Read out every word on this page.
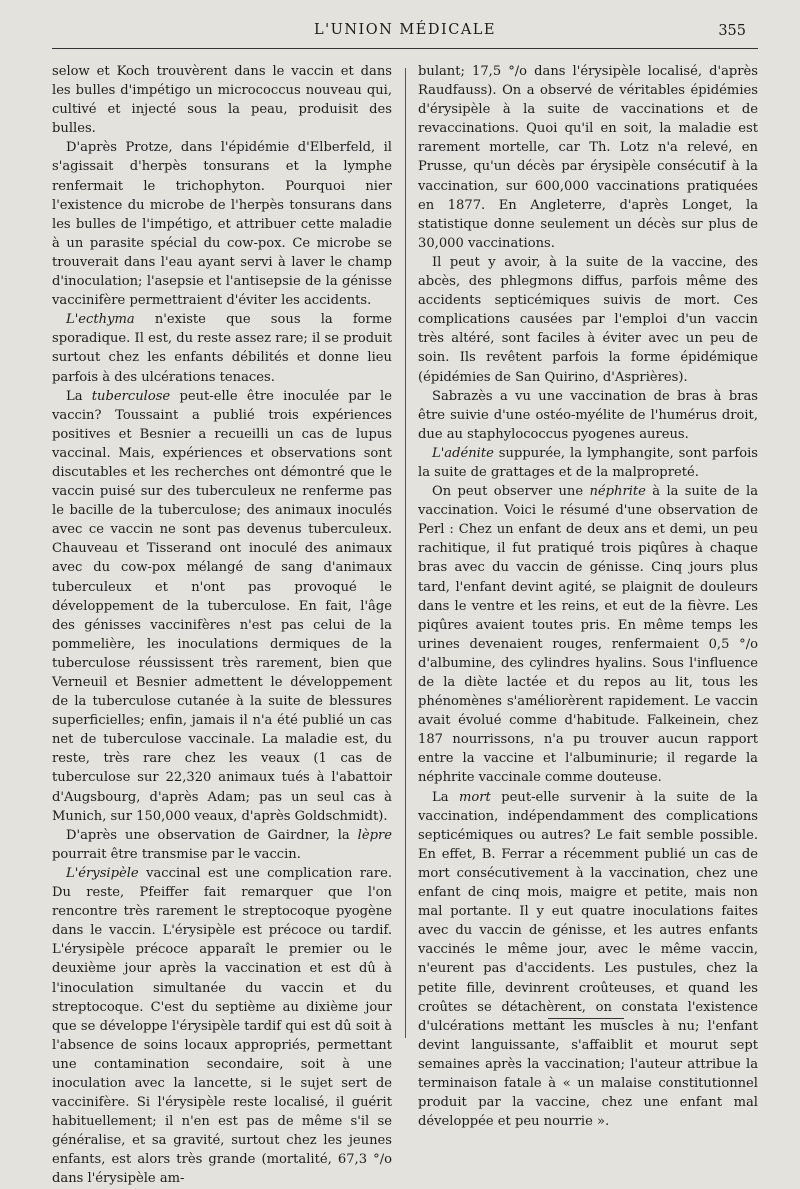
L'UNION MÉDICALE	355

selow et Koch trouvèrent dans le vaccin et dans les bulles d'impétigo un micrococcus nouveau qui, cultivé et injecté sous la peau, produisit des bulles.

D'après Protze, dans l'épidémie d'Elberfeld, il s'agissait d'herpès tonsurans et la lymphe renfermait le trichophyton. Pourquoi nier l'existence du microbe de l'herpès tonsurans dans les bulles de l'impétigo, et attribuer cette maladie à un parasite spécial du cow-pox. Ce microbe se trouverait dans l'eau ayant servi à laver le champ d'inoculation; l'asepsie et l'antisepsie de la génisse vaccinifère permettraient d'éviter les accidents.

L'ecthyma n'existe que sous la forme sporadique. Il est, du reste assez rare; il se produit surtout chez les enfants débilités et donne lieu parfois à des ulcérations tenaces.

La tuberculose peut-elle être inoculée par le vaccin? Toussaint a publié trois expériences positives et Besnier a recueilli un cas de lupus vaccinal. Mais, expériences et observations sont discutables et les recherches ont démontré que le vaccin puisé sur des tuberculeux ne renferme pas le bacille de la tuberculose; des animaux inoculés avec ce vaccin ne sont pas devenus tuberculeux. Chauveau et Tisserand ont inoculé des animaux avec du cow-pox mélangé de sang d'animaux tuberculeux et n'ont pas provoqué le développement de la tuberculose. En fait, l'âge des génisses vaccinifères n'est pas celui de la pommelière, les inoculations dermiques de la tuberculose réussissent très rarement, bien que Verneuil et Besnier admettent le développement de la tuberculose cutanée à la suite de blessures superficielles; enfin, jamais il n'a été publié un cas net de tuberculose vaccinale. La maladie est, du reste, très rare chez les veaux (1 cas de tuberculose sur 22,320 animaux tués à l'abattoir d'Augsbourg, d'après Adam; pas un seul cas à Munich, sur 150,000 veaux, d'après Goldschmidt).

D'après une observation de Gairdner, la lèpre pourrait être transmise par le vaccin.

L'érysipèle vaccinal est une complication rare. Du reste, Pfeiffer fait remarquer que l'on rencontre très rarement le streptocoque pyogène dans le vaccin. L'érysipèle est précoce ou tardif. L'érysipèle précoce apparaît le premier ou le deuxième jour après la vaccination et est dû à l'inoculation simultanée du vaccin et du streptocoque. C'est du septième au dixième jour que se développe l'érysipèle tardif qui est dû soit à l'absence de soins locaux appropriés, permettant une contamination secondaire, soit à une inoculation avec la lancette, si le sujet sert de vaccinifère. Si l'érysipèle reste localisé, il guérit habituellement; il n'en est pas de même s'il se généralise, et sa gravité, surtout chez les jeunes enfants, est alors très grande (mortalité, 67,3 °/o dans l'érysipèle am-

bulant; 17,5 °/o dans l'érysipèle localisé, d'après Raudfauss). On a observé de véritables épidémies d'érysipèle à la suite de vaccinations et de revaccinations. Quoi qu'il en soit, la maladie est rarement mortelle, car Th. Lotz n'a relevé, en Prusse, qu'un décès par érysipèle consécutif à la vaccination, sur 600,000 vaccinations pratiquées en 1877. En Angleterre, d'après Longet, la statistique donne seulement un décès sur plus de 30,000 vaccinations.

Il peut y avoir, à la suite de la vaccine, des abcès, des phlegmons diffus, parfois même des accidents septicémiques suivis de mort. Ces complications causées par l'emploi d'un vaccin très altéré, sont faciles à éviter avec un peu de soin. Ils revêtent parfois la forme épidémique (épidémies de San Quirino, d'Asprières).

Sabrazès a vu une vaccination de bras à bras être suivie d'une ostéo-myélite de l'humérus droit, due au staphylococcus pyogenes aureus.

L'adénite suppurée, la lymphangite, sont parfois la suite de grattages et de la malpropreté.

On peut observer une néphrite à la suite de la vaccination. Voici le résumé d'une observation de Perl : Chez un enfant de deux ans et demi, un peu rachitique, il fut pratiqué trois piqûres à chaque bras avec du vaccin de génisse. Cinq jours plus tard, l'enfant devint agité, se plaignit de douleurs dans le ventre et les reins, et eut de la fièvre. Les piqûres avaient toutes pris. En même temps les urines devenaient rouges, renfermaient 0,5 °/o d'albumine, des cylindres hyalins. Sous l'influence de la diète lactée et du repos au lit, tous les phénomènes s'améliorèrent rapidement. Le vaccin avait évolué comme d'habitude. Falkeinein, chez 187 nourrissons, n'a pu trouver aucun rapport entre la vaccine et l'albuminurie; il regarde la néphrite vaccinale comme douteuse.

La mort peut-elle survenir à la suite de la vaccination, indépendamment des complications septicémiques ou autres? Le fait semble possible. En effet, B. Ferrar a récemment publié un cas de mort consécutivement à la vaccination, chez une enfant de cinq mois, maigre et petite, mais non mal portante. Il y eut quatre inoculations faites avec du vaccin de génisse, et les autres enfants vaccinés le même jour, avec le même vaccin, n'eurent pas d'accidents. Les pustules, chez la petite fille, devinrent croûteuses, et quand les croûtes se détachèrent, on constata l'existence d'ulcérations mettant les muscles à nu; l'enfant devint languissante, s'affaiblit et mourut sept semaines après la vaccination; l'auteur attribue la terminaison fatale à « un malaise constitutionnel produit par la vaccine, chez une enfant mal développée et peu nourrie ».
